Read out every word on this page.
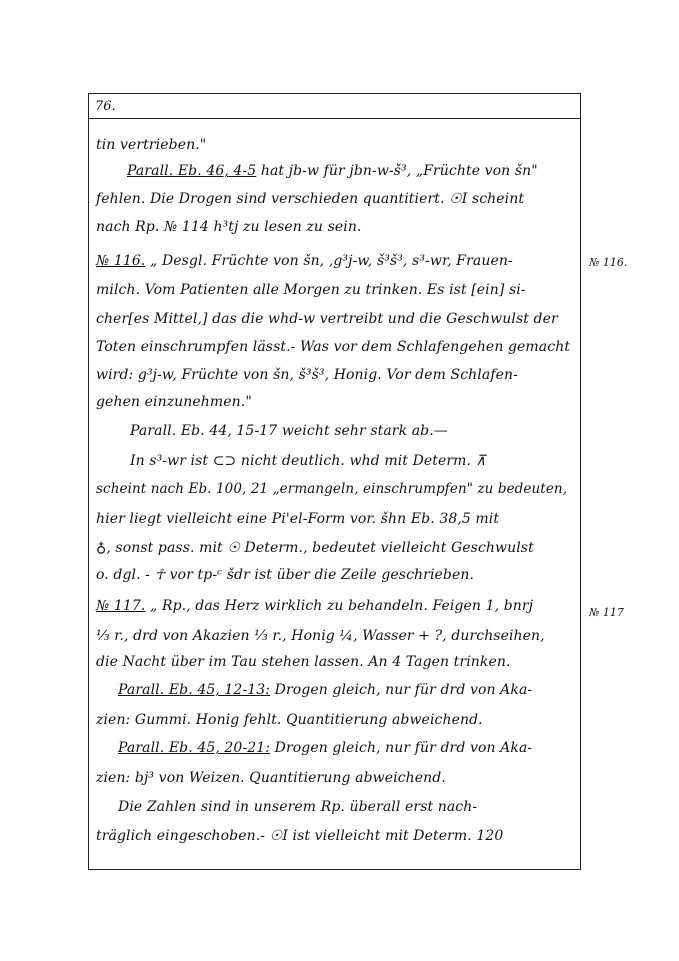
76.
tin vertrieben."
Parall. Eb. 46, 4-5 hat jb-w für jbn-w-š³, „Früchte von šn"
fehlen. Die Drogen sind verschieden quantitiert. ☉I scheint
nach Rp. № 114 h³tj zu lesen zu sein.
№ 116. „ Desgl. Früchte von šn, ,g³j-w, š³š³, s³-wr, Frauen-
milch. Vom Patienten alle Morgen zu trinken. Es ist [ein] si-
cher[es Mittel,] das die whd-w vertreibt und die Geschwulst der
Toten einschrumpfen lässt.- Was vor dem Schlafengehen gemacht
wird: g³j-w, Früchte von šn, š³š³, Honig. Vor dem Schlafen-
gehen einzunehmen."
Parall. Eb. 44, 15-17 weicht sehr stark ab.—
In s³-wr ist ⊂⊃ nicht deutlich. whd mit Determ. ⊼
scheint nach Eb. 100, 21 „ermangeln, einschrumpfen" zu bedeuten,
hier liegt vielleicht eine Pi'el-Form vor. šhn Eb. 38,5 mit
♁, sonst pass. mit ☉ Determ., bedeutet vielleicht Geschwulst
o. dgl. - ☥ vor tp-ᶜ šdr ist über die Zeile geschrieben.
№ 117. „ Rp., das Herz wirklich zu behandeln. Feigen 1, bnrj
⅓ r., drd von Akazien ⅓ r., Honig ¼, Wasser + ?, durchseihen,
die Nacht über im Tau stehen lassen. An 4 Tagen trinken.
Parall. Eb. 45, 12-13: Drogen gleich, nur für drd von Aka-
zien: Gummi. Honig fehlt. Quantitierung abweichend.
Parall. Eb. 45, 20-21: Drogen gleich, nur für drd von Aka-
zien: bj³ von Weizen. Quantitierung abweichend.
Die Zahlen sind in unserem Rp. überall erst nach-
träglich eingeschoben.- ☉I ist vielleicht mit Determ. 120
№ 116.
№ 117
